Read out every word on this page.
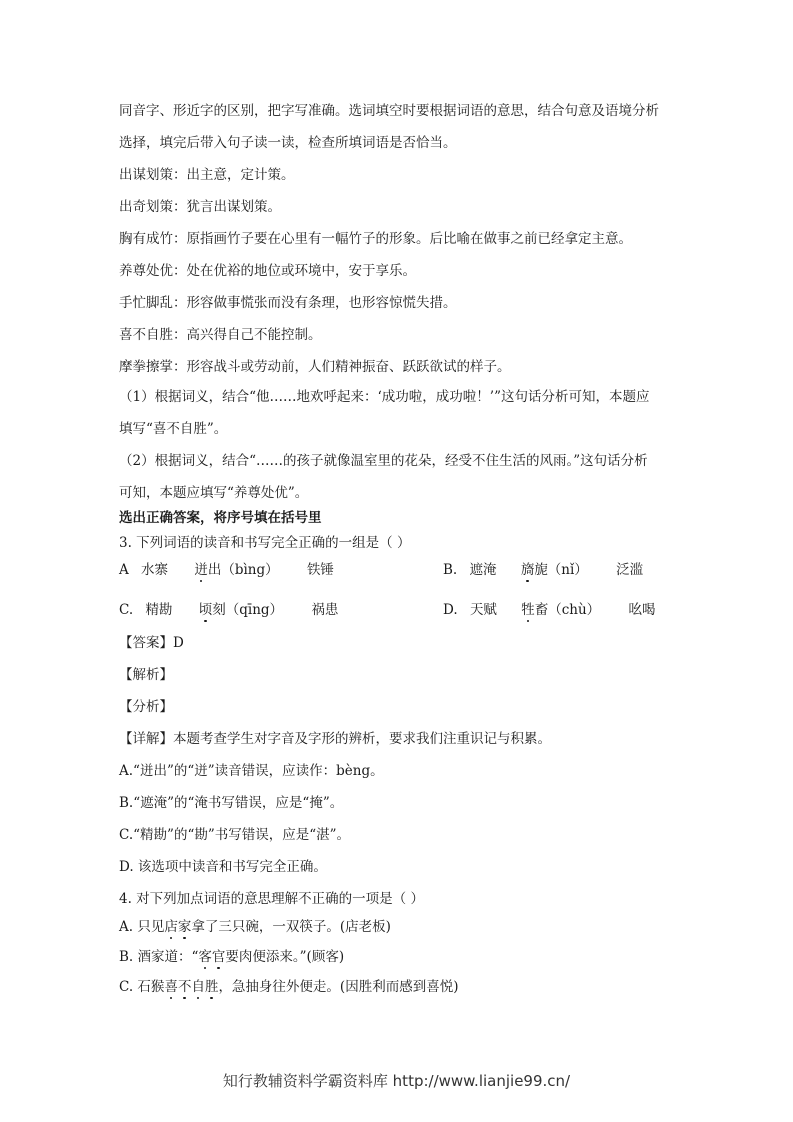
同音字、形近字的区别，把字写准确。选词填空时要根据词语的意思，结合句意及语境分析
选择，填完后带入句子读一读，检查所填词语是否恰当。
出谋划策：出主意，定计策。
出奇划策：犹言出谋划策。
胸有成竹：原指画竹子要在心里有一幅竹子的形象。后比喻在做事之前已经拿定主意。
养尊处优：处在优裕的地位或环境中，安于享乐。
手忙脚乱：形容做事慌张而没有条理，也形容惊慌失措。
喜不自胜：高兴得自己不能控制。
摩拳擦掌：形容战斗或劳动前，人们精神振奋、跃跃欲试的样子。
（1）根据词义，结合“他……地欢呼起来：‘成功啦，成功啦！’”这句话分析可知，本题应
填写“喜不自胜”。
（2）根据词义，结合“……的孩子就像温室里的花朵，经受不住生活的风雨。”这句话分析
可知，本题应填写“养尊处优”。
选出正确答案，将序号填在括号里
3. 下列词语的读音和书写完全正确的一组是（ ）
A 水寨 迸出（bìng） 铁锤	B. 遮淹 旖旎（nǐ） 泛滥
C. 精勘 顷刻（qīng） 祸患	D. 天赋 牲畜（chù） 吆喝
【答案】D
【解析】
【分析】
【详解】本题考查学生对字音及字形的辨析，要求我们注重识记与积累。
A.“迸出”的“迸”读音错误，应读作：bèng。
B.“遮淹”的“淹书写错误，应是“掩”。
C.“精勘”的“勘”书写错误，应是“湛”。
D. 该选项中读音和书写完全正确。
4. 对下列加点词语的意思理解不正确的一项是（ ）
A. 只见店家拿了三只碗，一双筷子。(店老板)
B. 酒家道：“客官要肉便添来。”(顾客)
C. 石猴喜不自胜，急抽身往外便走。(因胜利而感到喜悦)
知行教辅资料学霸资料库 http://www.lianjie99.cn/
